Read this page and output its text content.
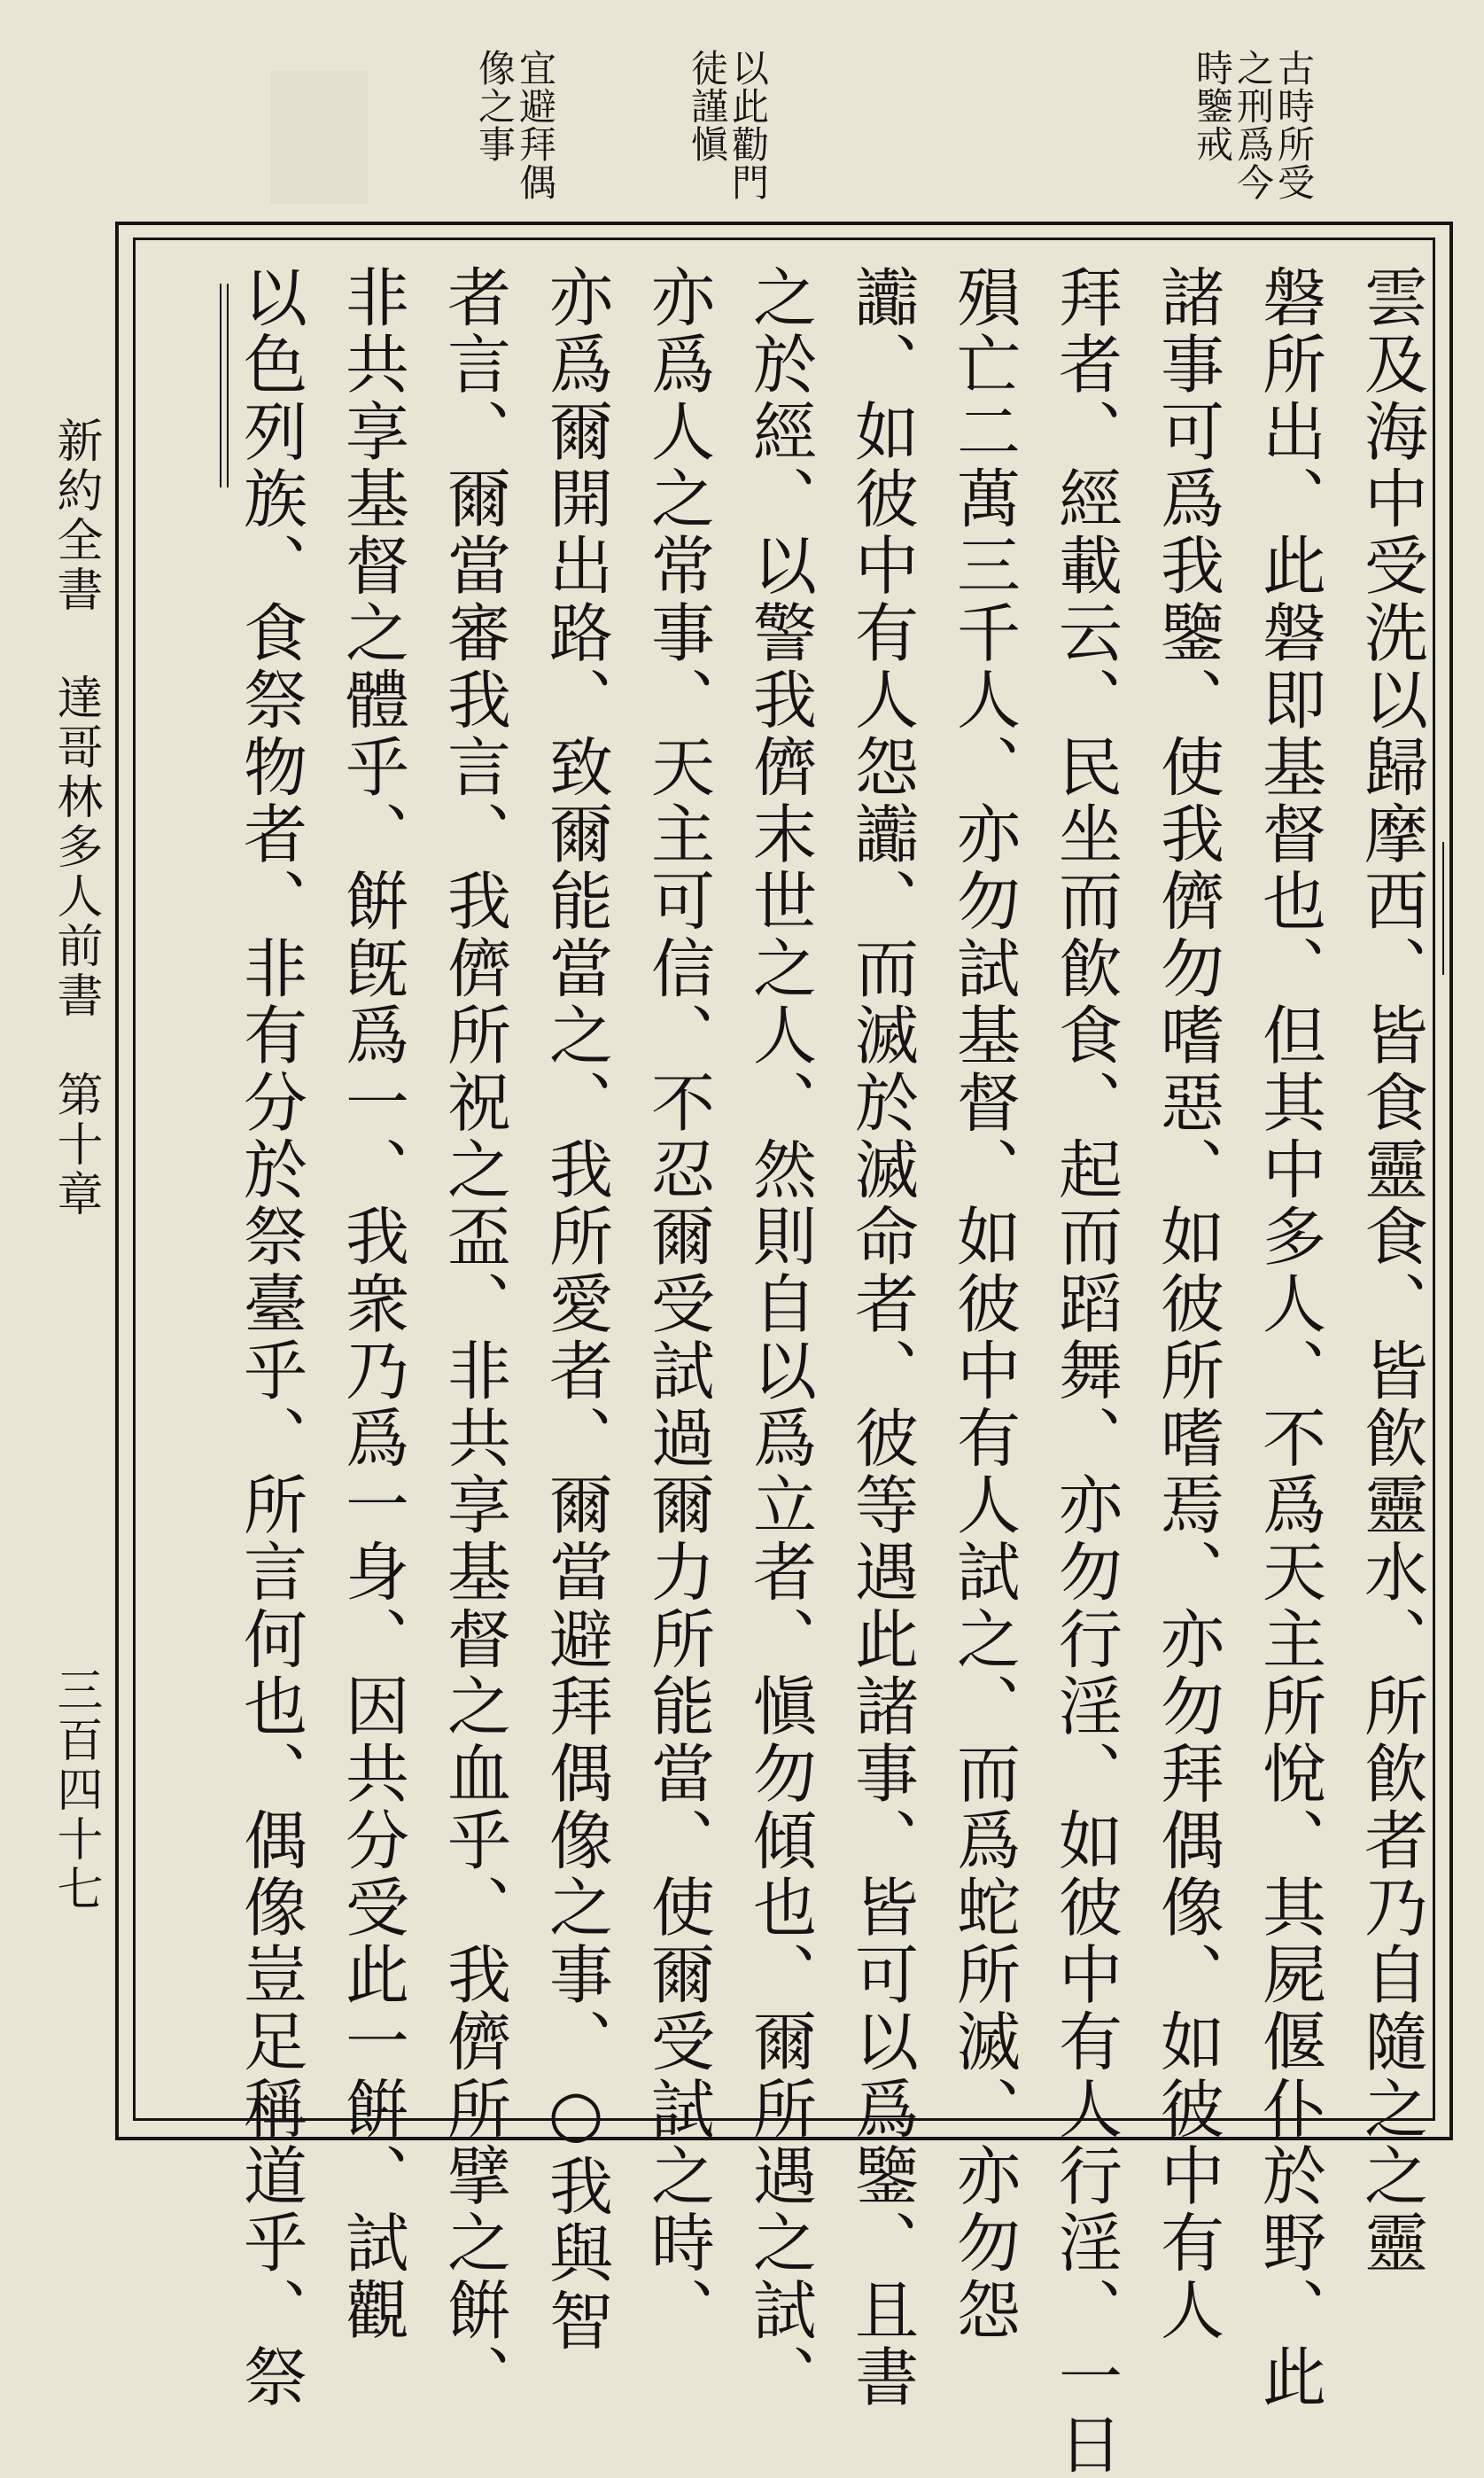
古時所受
之刑爲今
時鑒戒
以此勸門
徒謹愼
宜避拜偶
像之事
雲及海中受洗以歸摩西、皆食靈食、皆飮靈水、所飮者乃自隨之之靈
磐所出、此磐即基督也、但其中多人、不爲天主所悅、其屍偃仆於野、此
諸事可爲我鑒、使我儕勿嗜惡、如彼所嗜焉、亦勿拜偶像、如彼中有人
拜者、經載云、民坐而飮食、起而蹈舞、亦勿行淫、如彼中有人行淫、一日
殞亡二萬三千人、亦勿試基督、如彼中有人試之、而爲蛇所滅、亦勿怨
讟、如彼中有人怨讟、而滅於滅命者、彼等遇此諸事、皆可以爲鑒、且書
之於經、以警我儕末世之人、然則自以爲立者、愼勿傾也、爾所遇之試、
亦爲人之常事、天主可信、不忍爾受試過爾力所能當、使爾受試之時、
亦爲爾開出路、致爾能當之、我所愛者、爾當避拜偶像之事、○我與智
者言、爾當審我言、我儕所祝之盃、非共享基督之血乎、我儕所擘之餠、
非共享基督之體乎、餠旣爲一、我衆乃爲一身、因共分受此一餠、試觀
以色列族、食祭物者、非有分於祭臺乎、所言何也、偶像豈足稱道乎、祭
新約全書
達哥林多人前書　第十章
三百四十七
